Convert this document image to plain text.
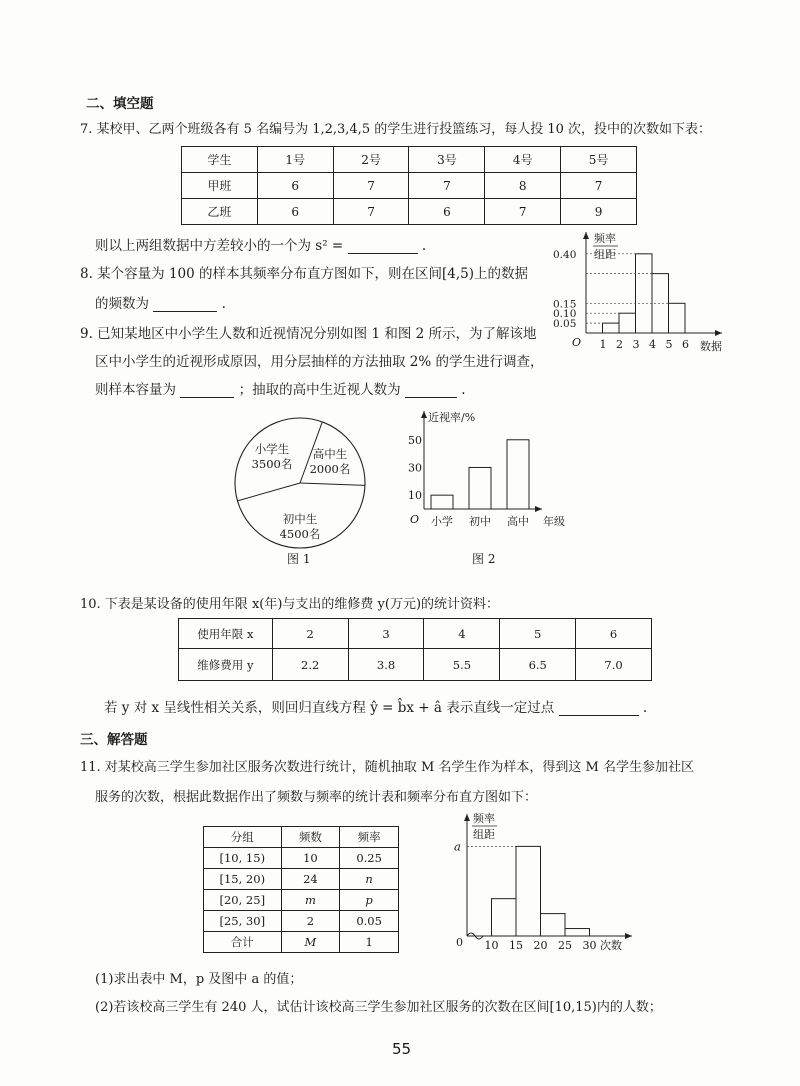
二、填空题
7. 某校甲、乙两个班级各有 5 名编号为 1,2,3,4,5 的学生进行投篮练习，每人投 10 次，投中的次数如下表：
学生	1号	2号	3号	4号	5号
甲班	6	7	7	8	7
乙班	6	7	6	7	9
则以上两组数据中方差较小的一个为 s² =	.
8. 某个容量为 100 的样本其频率分布直方图如下，则在区间[4,5)上的数据
的频数为	.
频率
组距
O	数据
1 2 3 4 5 6
0.40
0.15
0.10
0.05
9. 已知某地区中小学生人数和近视情况分别如图 1 和图 2 所示，为了解该地
区中小学生的近视形成原因，用分层抽样的方法抽取 2% 的学生进行调查，
则样本容量为	；抽取的高中生近视人数为	.
小学生
3500名
高中生
2000名
初中生
4500名
图 1
近视率/%
O	年级
50
30
10
小学 初中 高中
图 2
10. 下表是某设备的使用年限 x(年)与支出的维修费 y(万元)的统计资料：
使用年限 x	2	3	4	5	6
维修费用 y	2.2	3.8	5.5	6.5	7.0
若 y 对 x 呈线性相关关系，则回归直线方程 ŷ = b̂x + â 表示直线一定过点	.
三、解答题
11. 对某校高三学生参加社区服务次数进行统计，随机抽取 M 名学生作为样本，得到这 M 名学生参加社区
服务的次数，根据此数据作出了频数与频率的统计表和频率分布直方图如下：
分组	频数	频率
[10, 15)	10	0.25
[15, 20)	24	n
[20, 25]	m	p
[25, 30]	2	0.05
合计	M	1
频率
组距
0	次数
10 15 20 25 30
a
(1)求出表中 M，p 及图中 a 的值；
(2)若该校高三学生有 240 人，试估计该校高三学生参加社区服务的次数在区间[10,15)内的人数；
55
